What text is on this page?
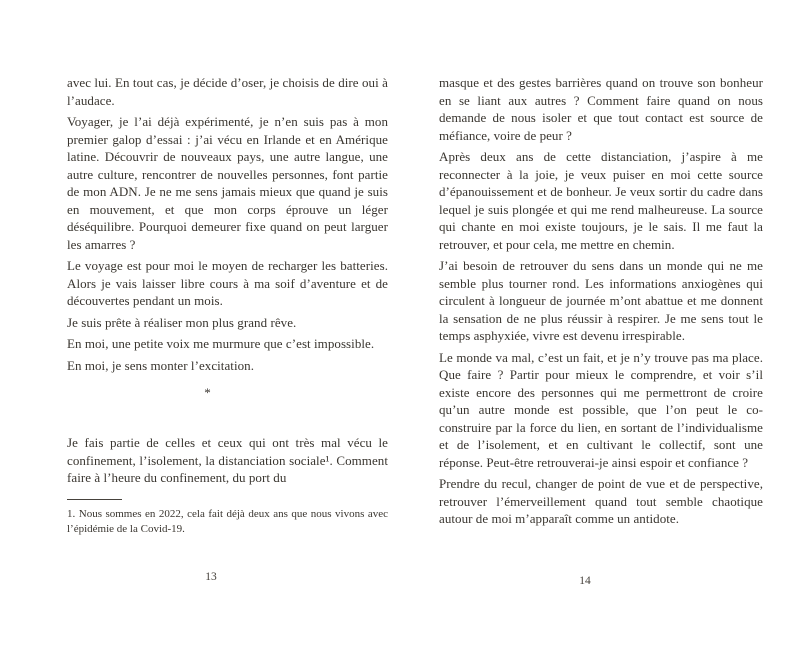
avec lui. En tout cas, je décide d’oser, je choisis de dire oui à l’audace.

Voyager, je l’ai déjà expérimenté, je n’en suis pas à mon premier galop d’essai : j’ai vécu en Irlande et en Amérique latine. Découvrir de nouveaux pays, une autre langue, une autre culture, rencontrer de nouvelles personnes, font partie de mon ADN. Je ne me sens jamais mieux que quand je suis en mouvement, et que mon corps éprouve un léger déséquilibre. Pourquoi demeurer fixe quand on peut larguer les amarres ?

Le voyage est pour moi le moyen de recharger les batteries. Alors je vais laisser libre cours à ma soif d’aventure et de découvertes pendant un mois.

Je suis prête à réaliser mon plus grand rêve.

En moi, une petite voix me murmure que c’est impossible.

En moi, je sens monter l’excitation.

*

Je fais partie de celles et ceux qui ont très mal vécu le confinement, l’isolement, la distanciation sociale¹. Comment faire à l’heure du confinement, du port du

1. Nous sommes en 2022, cela fait déjà deux ans que nous vivons avec l’épidémie de la Covid-19.

masque et des gestes barrières quand on trouve son bonheur en se liant aux autres ? Comment faire quand on nous demande de nous isoler et que tout contact est source de méfiance, voire de peur ?

Après deux ans de cette distanciation, j’aspire à me reconnecter à la joie, je veux puiser en moi cette source d’épanouissement et de bonheur. Je veux sortir du cadre dans lequel je suis plongée et qui me rend malheureuse. La source qui chante en moi existe toujours, je le sais. Il me faut la retrouver, et pour cela, me mettre en chemin.

J’ai besoin de retrouver du sens dans un monde qui ne me semble plus tourner rond. Les informations anxiogènes qui circulent à longueur de journée m’ont abattue et me donnent la sensation de ne plus réussir à respirer. Je me sens tout le temps asphyxiée, vivre est devenu irrespirable.

Le monde va mal, c’est un fait, et je n’y trouve pas ma place. Que faire ? Partir pour mieux le comprendre, et voir s’il existe encore des personnes qui me permettront de croire qu’un autre monde est possible, que l’on peut le co-construire par la force du lien, en sortant de l’individualisme et de l’isolement, et en cultivant le collectif, sont une réponse. Peut-être retrouverai-je ainsi espoir et confiance ?

Prendre du recul, changer de point de vue et de perspective, retrouver l’émerveillement quand tout semble chaotique autour de moi m’apparaît comme un antidote.

13	14
